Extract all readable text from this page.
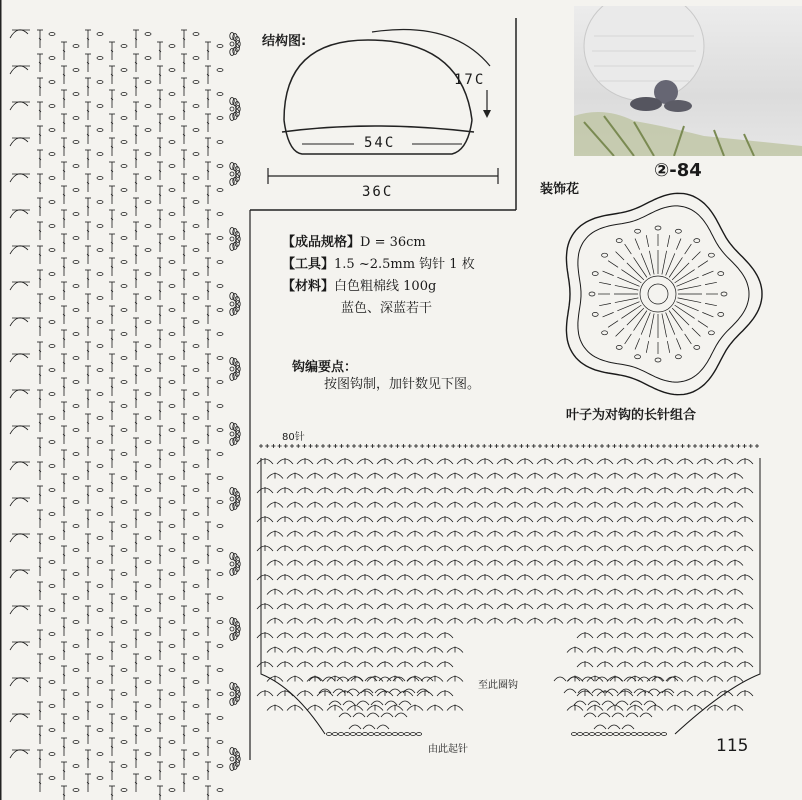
结构图:
54C
36C
17C
②-84
装饰花
叶子为对钩的长针组合
【成品规格】D = 36cm
【工具】1.5 ~2.5mm 钩针 1 枚
【材料】白色粗棉线 100g
蓝色、深蓝若干
钩编要点：
按图钩制，加针数见下图。
80针
至此圈钩
由此起针	115
